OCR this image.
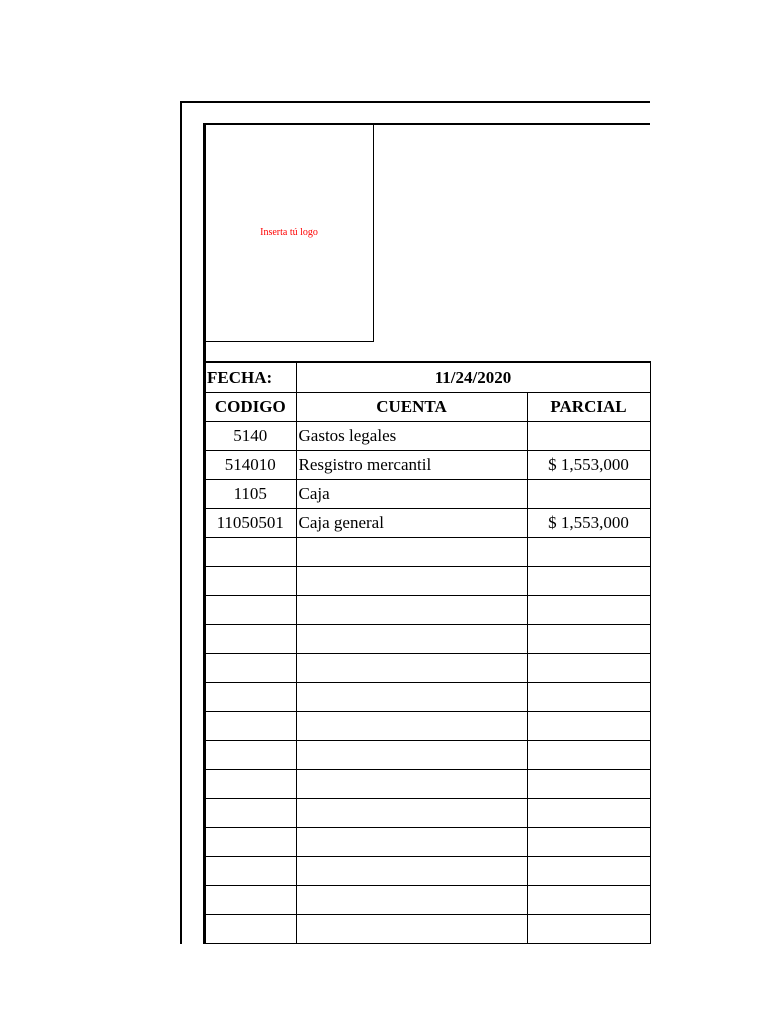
Inserta tú logo
FECHA:	11/24/2020	
CODIGO	CUENTA	PARCIAL
5140	Gastos legales	
514010	Resgistro mercantil	$ 1,553,000
1105	Caja	
11050501	Caja general	$ 1,553,000
